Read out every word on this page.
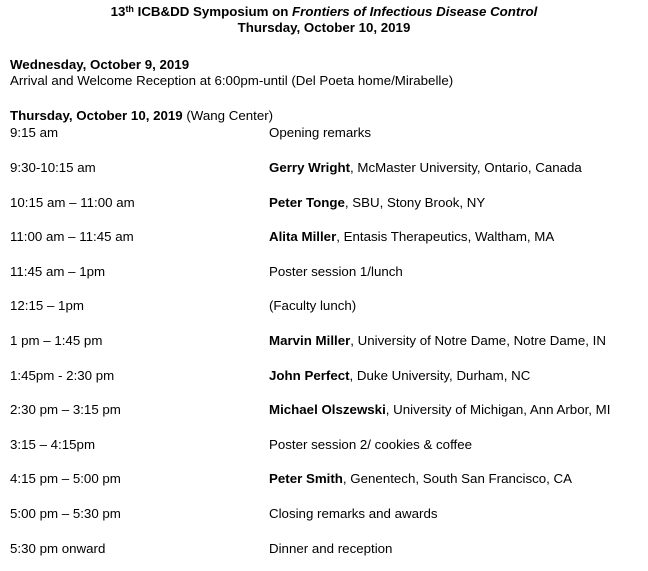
13th ICB&DD Symposium on Frontiers of Infectious Disease Control
Thursday, October 10, 2019
Wednesday, October 9, 2019
Arrival and Welcome Reception at 6:00pm-until (Del Poeta home/Mirabelle)
Thursday, October 10, 2019 (Wang Center)
9:15 am	Opening remarks
9:30-10:15 am	Gerry Wright, McMaster University, Ontario, Canada
10:15 am – 11:00 am	Peter Tonge, SBU, Stony Brook, NY
11:00 am – 11:45 am	Alita Miller, Entasis Therapeutics, Waltham, MA
11:45 am – 1pm	Poster session 1/lunch
12:15 – 1pm	(Faculty lunch)
1 pm – 1:45 pm	Marvin Miller, University of Notre Dame, Notre Dame, IN
1:45pm - 2:30 pm	John Perfect, Duke University, Durham, NC
2:30 pm – 3:15 pm	Michael Olszewski, University of Michigan, Ann Arbor, MI
3:15 – 4:15pm	Poster session 2/ cookies & coffee
4:15 pm – 5:00 pm	Peter Smith, Genentech, South San Francisco, CA
5:00 pm – 5:30 pm	Closing remarks and awards
5:30 pm onward	Dinner and reception
